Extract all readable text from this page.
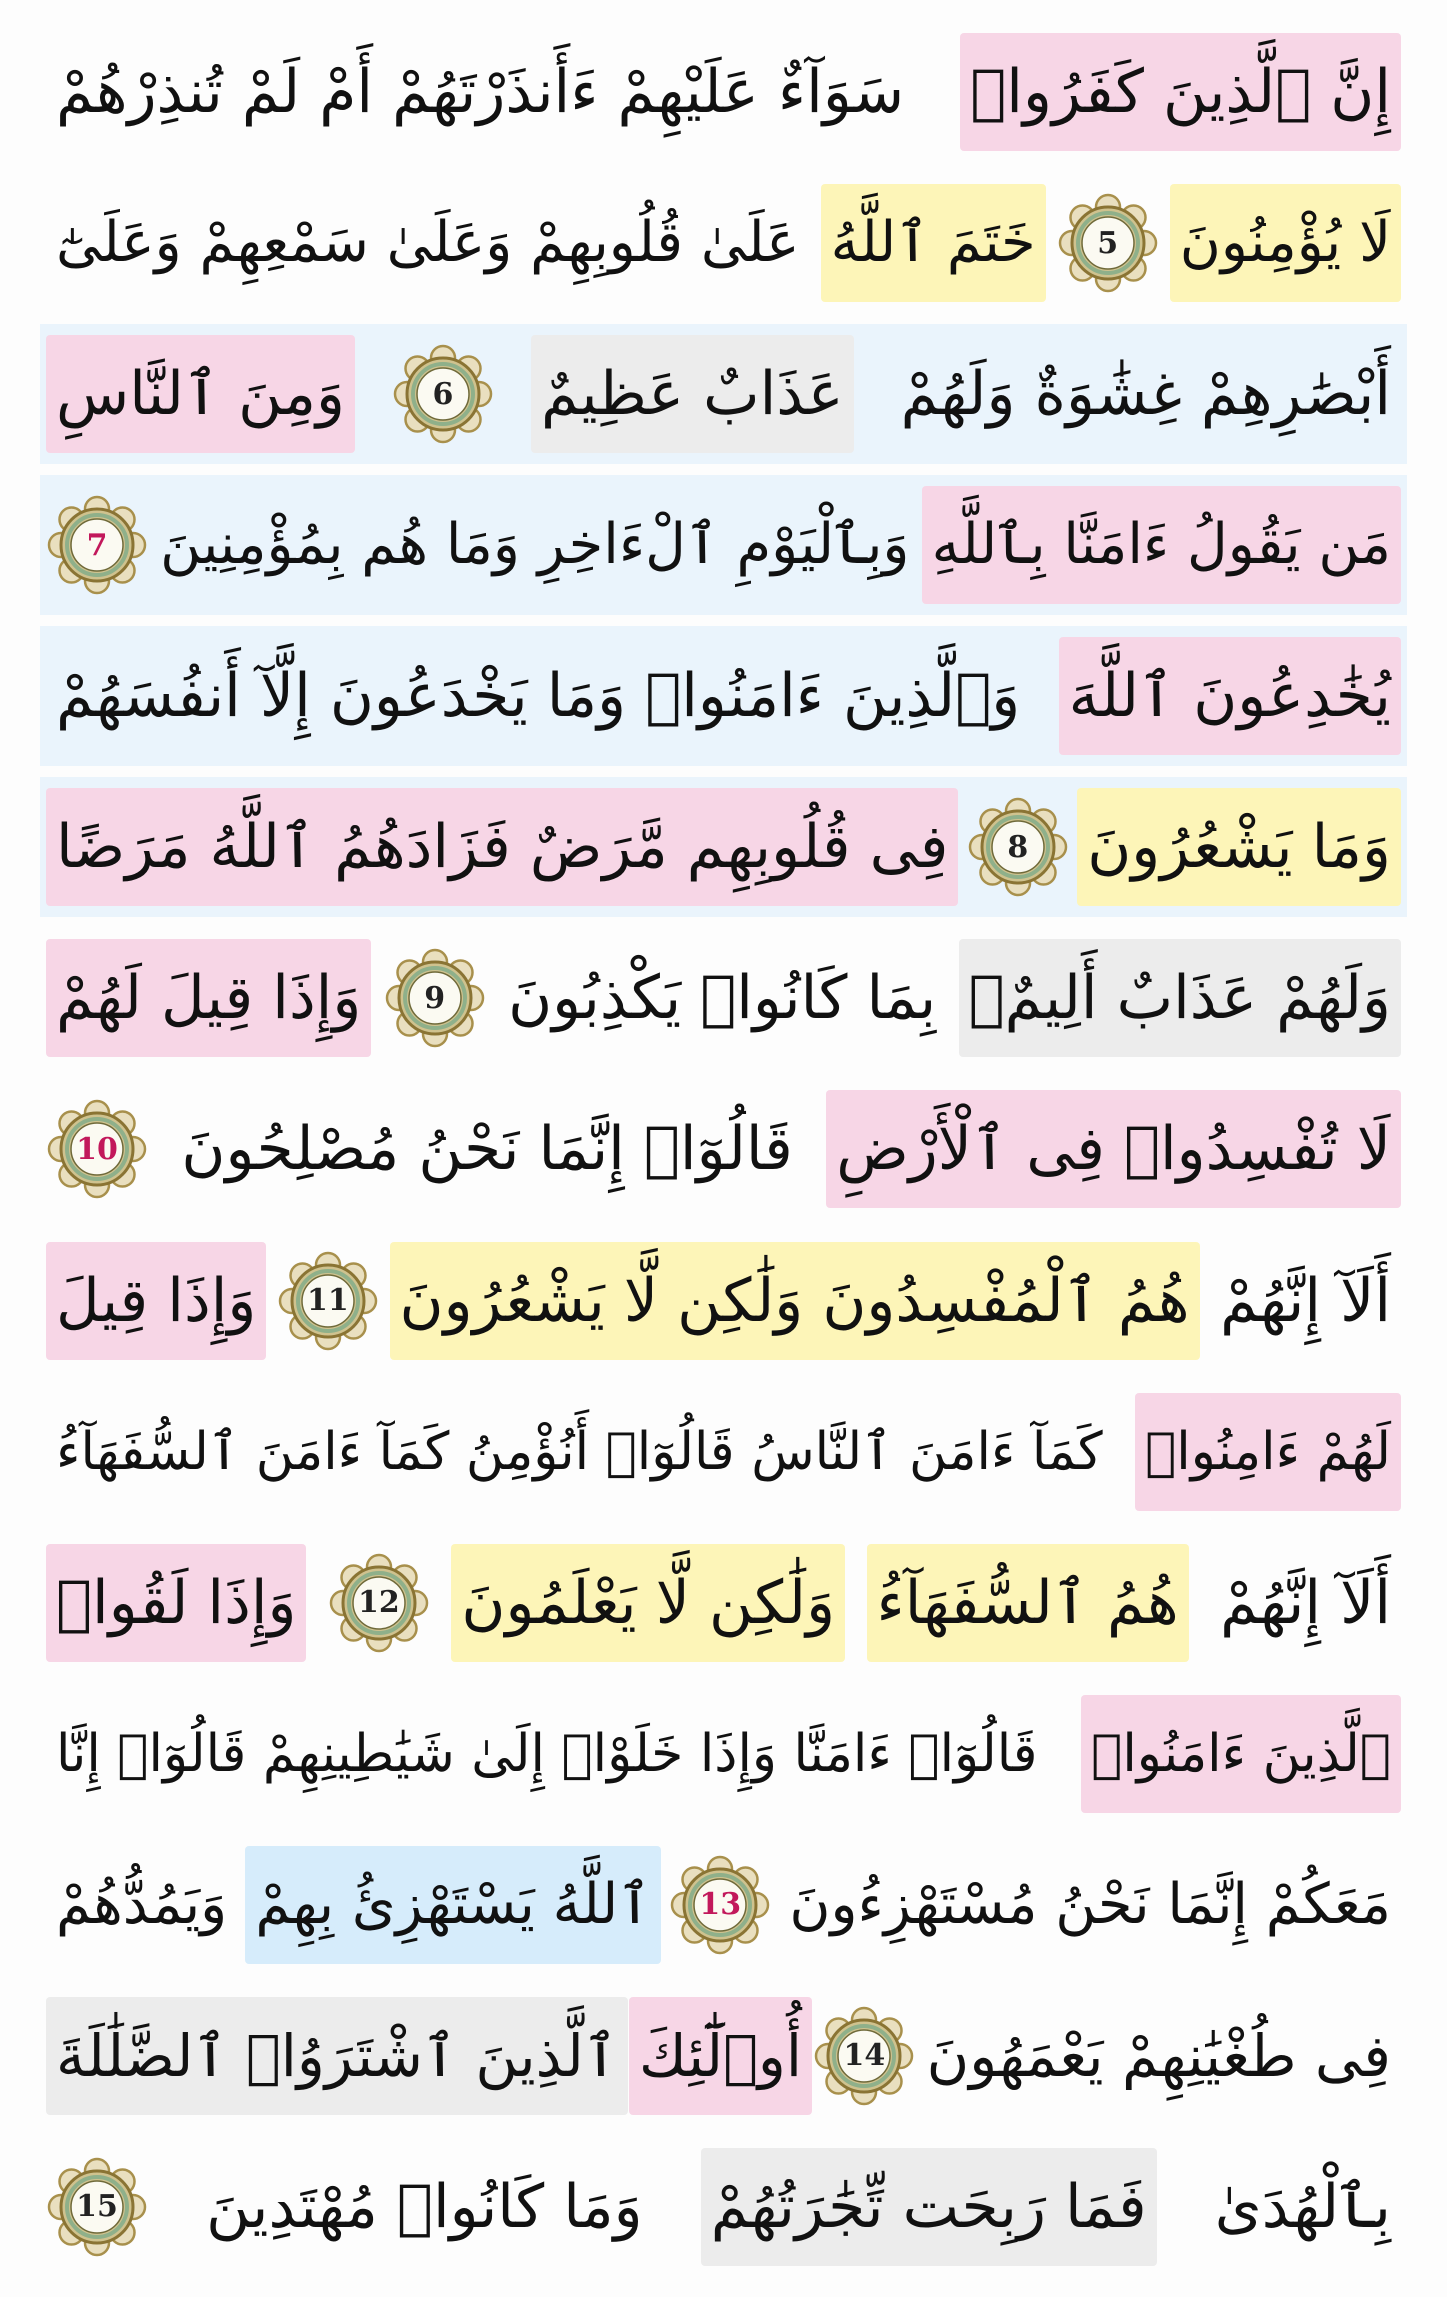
إِنَّ ٱلَّذِينَ كَفَرُوا۟
سَوَآءٌ عَلَيْهِمْ ءَأَنذَرْتَهُمْ أَمْ لَمْ تُنذِرْهُمْ
لَا يُؤْمِنُونَ
5
خَتَمَ ٱللَّهُ
عَلَىٰ قُلُوبِهِمْ وَعَلَىٰ سَمْعِهِمْ وَعَلَىٰٓ
أَبْصَٰرِهِمْ غِشَٰوَةٌ وَلَهُمْ
عَذَابٌ عَظِيمٌ
6
وَمِنَ ٱلنَّاسِ
مَن يَقُولُ ءَامَنَّا بِٱللَّهِ
وَبِٱلْيَوْمِ ٱلْءَاخِرِ وَمَا هُم بِمُؤْمِنِينَ
7
يُخَٰدِعُونَ ٱللَّهَ
وَٱلَّذِينَ ءَامَنُوا۟ وَمَا يَخْدَعُونَ إِلَّآ أَنفُسَهُمْ
وَمَا يَشْعُرُونَ
8
فِى قُلُوبِهِم مَّرَضٌ فَزَادَهُمُ ٱللَّهُ مَرَضًا
وَلَهُمْ عَذَابٌ أَلِيمٌۢ
بِمَا كَانُوا۟ يَكْذِبُونَ
9
وَإِذَا قِيلَ لَهُمْ
لَا تُفْسِدُوا۟ فِى ٱلْأَرْضِ
قَالُوٓا۟ إِنَّمَا نَحْنُ مُصْلِحُونَ
10
أَلَآ إِنَّهُمْ
هُمُ ٱلْمُفْسِدُونَ وَلَٰكِن لَّا يَشْعُرُونَ
11
وَإِذَا قِيلَ
لَهُمْ ءَامِنُوا۟
كَمَآ ءَامَنَ ٱلنَّاسُ قَالُوٓا۟ أَنُؤْمِنُ كَمَآ ءَامَنَ ٱلسُّفَهَآءُ
أَلَآ إِنَّهُمْ
هُمُ ٱلسُّفَهَآءُ
وَلَٰكِن لَّا يَعْلَمُونَ
12
وَإِذَا لَقُوا۟
ٱلَّذِينَ ءَامَنُوا۟
قَالُوٓا۟ ءَامَنَّا وَإِذَا خَلَوْا۟ إِلَىٰ شَيَٰطِينِهِمْ قَالُوٓا۟ إِنَّا
مَعَكُمْ إِنَّمَا نَحْنُ مُسْتَهْزِءُونَ
13
ٱللَّهُ يَسْتَهْزِئُ بِهِمْ
وَيَمُدُّهُمْ
فِى طُغْيَٰنِهِمْ يَعْمَهُونَ
14
أُو۟لَٰٓئِكَ
ٱلَّذِينَ ٱشْتَرَوُا۟ ٱلضَّلَٰلَةَ
بِٱلْهُدَىٰ
فَمَا رَبِحَت تِّجَٰرَتُهُمْ
وَمَا كَانُوا۟ مُهْتَدِينَ
15
